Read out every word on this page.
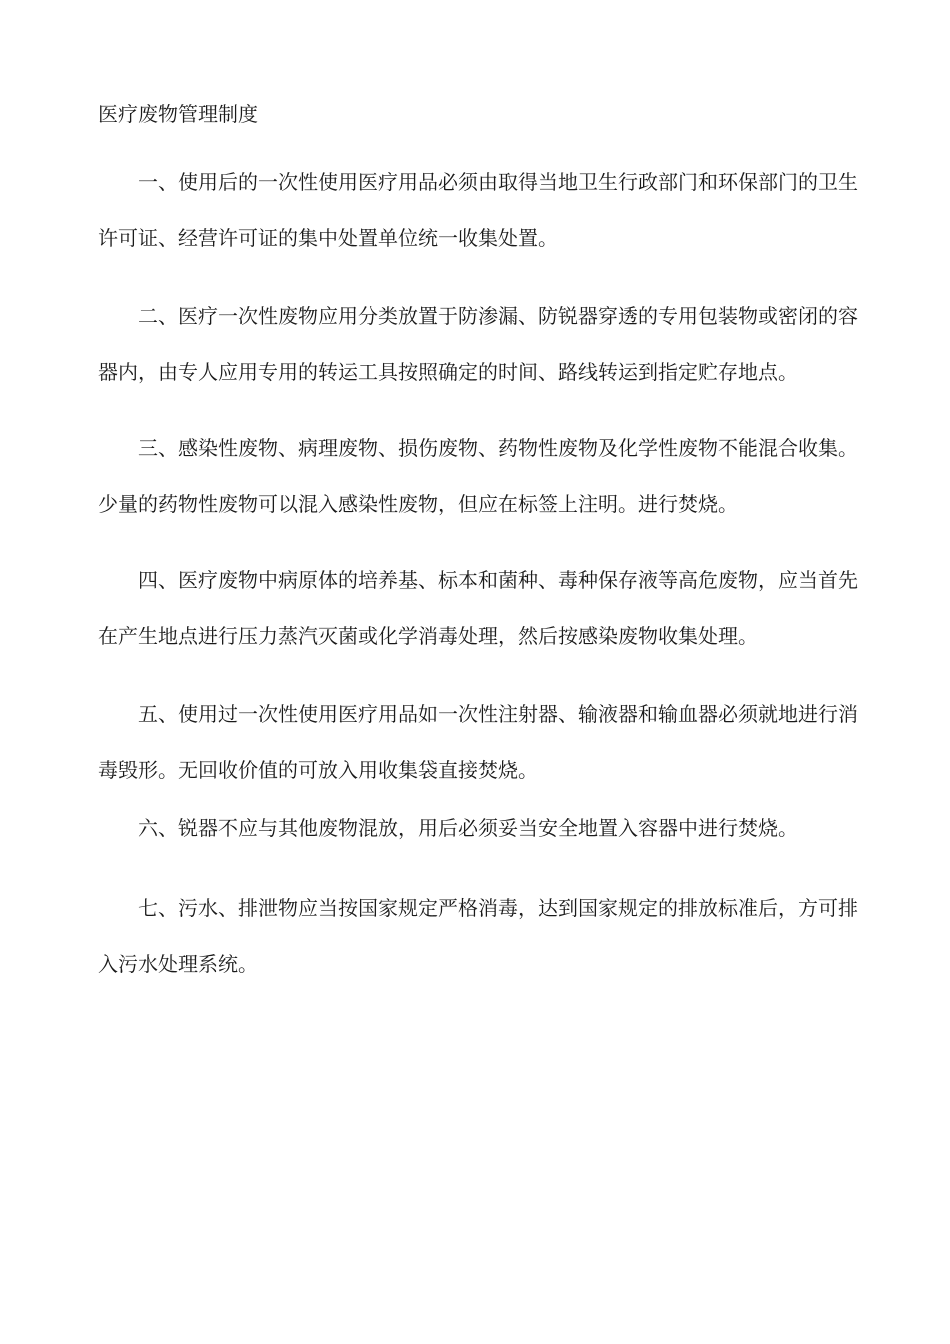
医疗废物管理制度

一、使用后的一次性使用医疗用品必须由取得当地卫生行政部门和环保部门的卫生许可证、经营许可证的集中处置单位统一收集处置。

二、医疗一次性废物应用分类放置于防渗漏、防锐器穿透的专用包装物或密闭的容器内，由专人应用专用的转运工具按照确定的时间、路线转运到指定贮存地点。

三、感染性废物、病理废物、损伤废物、药物性废物及化学性废物不能混合收集。少量的药物性废物可以混入感染性废物，但应在标签上注明。进行焚烧。

四、医疗废物中病原体的培养基、标本和菌种、毒种保存液等高危废物，应当首先在产生地点进行压力蒸汽灭菌或化学消毒处理，然后按感染废物收集处理。

五、使用过一次性使用医疗用品如一次性注射器、输液器和输血器必须就地进行消毒毁形。无回收价值的可放入用收集袋直接焚烧。

六、锐器不应与其他废物混放，用后必须妥当安全地置入容器中进行焚烧。

七、污水、排泄物应当按国家规定严格消毒，达到国家规定的排放标准后，方可排入污水处理系统。
